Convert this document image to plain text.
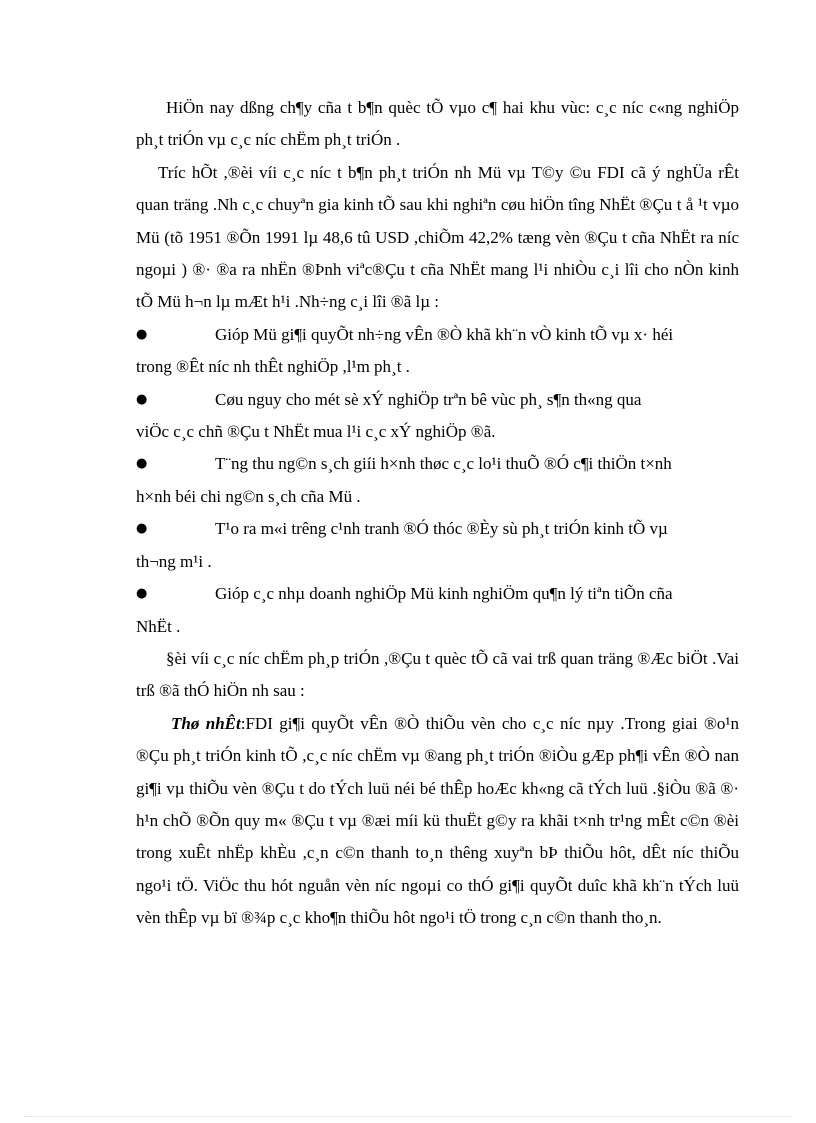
HiÖn nay dßng ch¶y cña t b¶n quèc tÕ vµo c¶ hai khu vùc: c¸c níc c«ng nghiÖp ph¸t triÓn vµ c¸c níc chËm ph¸t triÓn .

Tríc hÕt ,®èi víi c¸c níc t b¶n ph¸t triÓn nh Mü vµ T©y ©u FDI cã ý nghÜa rÊt quan träng .Nh c¸c chuyªn gia kinh tÕ sau khi nghiªn cøu hiÖn tîng NhËt ®Çu t å ¹t vµo Mü (tõ 1951 ®Õn 1991 lµ 48,6 tû USD ,chiÕm 42,2% tæng vèn ®Çu t cña NhËt ra níc ngoµi ) ®· ®a ra nhËn ®Þnh viªc®Çu t cña NhËt mang l¹i nhiÒu c¸i lîi cho nÒn kinh tÕ Mü h¬n lµ mÆt h¹i .Nh÷ng c¸i lîi ®ã lµ :

●	Gióp Mü gi¶i quyÕt nh÷ng vÊn ®Ò khã kh¨n vÒ kinh tÕ vµ x· héi
trong ®Êt níc nh thÊt nghiÖp ,l¹m ph¸t .
●	Cøu nguy cho mét sè xÝ nghiÖp trªn bê vùc ph¸ s¶n th«ng qua
viÖc c¸c chñ ®Çu t NhËt mua l¹i c¸c xÝ nghiÖp ®ã.
●	T¨ng thu ng©n s¸ch giíi h×nh thøc c¸c lo¹i thuÕ ®Ó c¶i thiÖn t×nh
h×nh béi chi ng©n s¸ch cña Mü .
●	T¹o ra m«i trêng c¹nh tranh ®Ó thóc ®Èy sù ph¸t triÓn kinh tÕ vµ
th¬ng m¹i .
●	Gióp c¸c nhµ doanh nghiÖp Mü kinh nghiÖm qu¶n lý tiªn tiÕn cña
NhËt .

§èi víi c¸c níc chËm ph¸p triÓn ,®Çu t quèc tÕ cã vai trß quan träng ®Æc biÖt .Vai trß ®ã thÓ hiÖn nh sau :

Thø nhÊt:FDI gi¶i quyÕt vÊn ®Ò thiÕu vèn cho c¸c níc nµy .Trong giai ®o¹n ®Çu ph¸t triÓn kinh tÕ ,c¸c níc chËm vµ ®ang ph¸t triÓn ®iÒu gÆp ph¶i vÊn ®Ò nan gi¶i vµ thiÕu vèn ®Çu t do tÝch luü néi bé thÊp hoÆc kh«ng cã tÝch luü .§iÒu ®ã ®· h¹n chÕ ®Õn quy m« ®Çu t vµ ®æi míi kü thuËt g©y ra khãi t×nh tr¹ng mÊt c©n ®èi trong xuÊt nhËp khÈu ,c¸n c©n thanh to¸n thêng xuyªn bÞ thiÕu hôt, dÊt níc thiÕu ngo¹i tÖ. ViÖc thu hót nguån vèn níc ngoµi co thÓ gi¶i quyÕt duîc khã kh¨n tÝch luü vèn thÊp vµ bï ®¾p c¸c kho¶n thiÕu hôt ngo¹i tÖ trong c¸n c©n thanh tho¸n.
